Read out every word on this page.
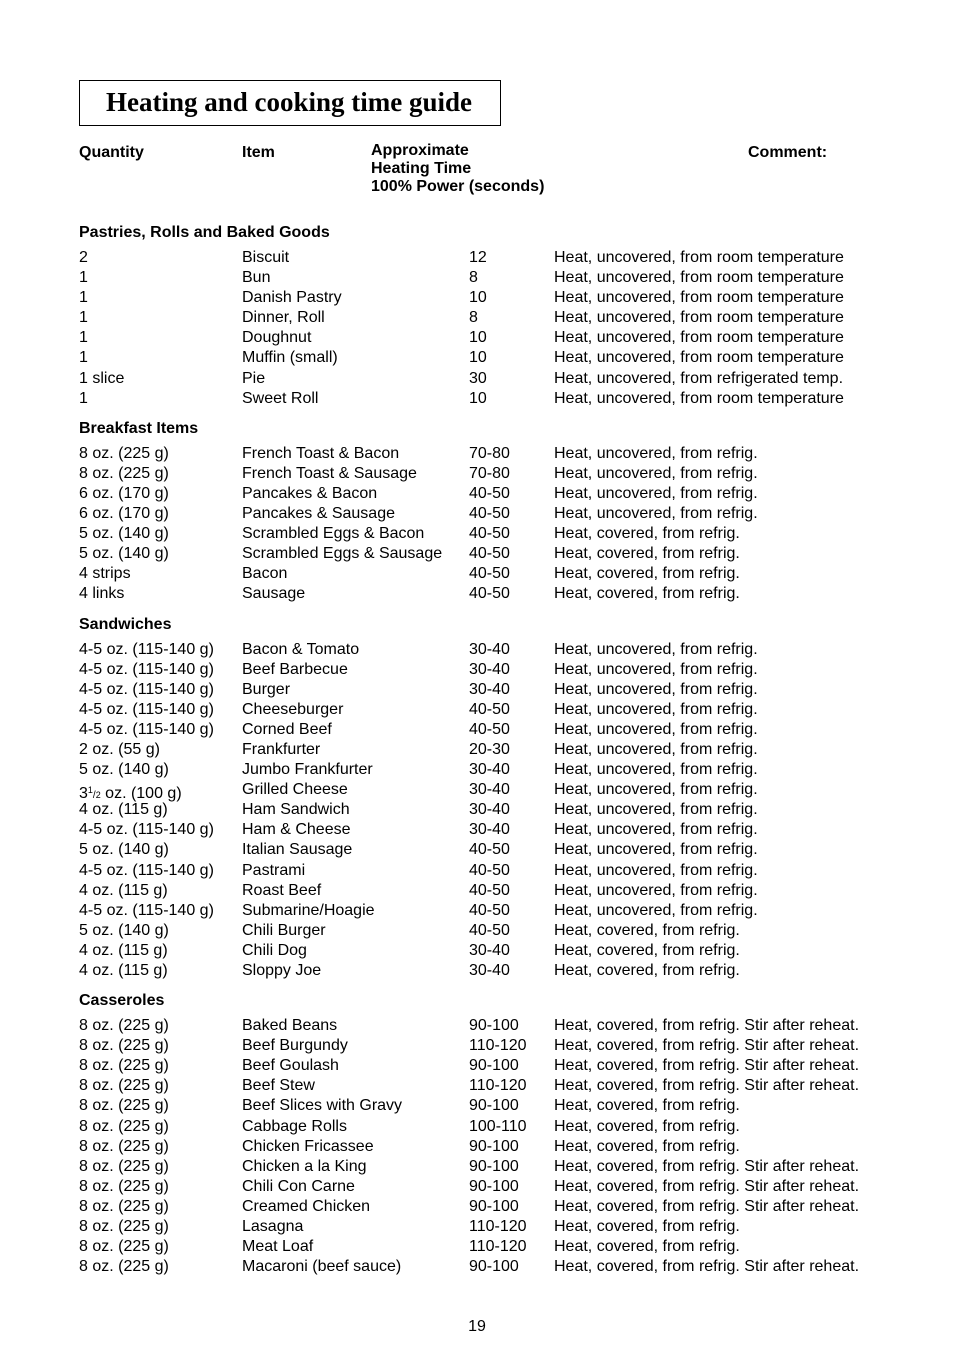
Heating and cooking time guide
Quantity	Item	Approximate
Heating Time
100% Power (seconds)
Comment:
Pastries, Rolls and Baked Goods
2	Biscuit	12	Heat, uncovered, from room temperature
1	Bun	8	Heat, uncovered, from room temperature
1	Danish Pastry	10	Heat, uncovered, from room temperature
1	Dinner, Roll	8	Heat, uncovered, from room temperature
1	Doughnut	10	Heat, uncovered, from room temperature
1	Muffin (small)	10	Heat, uncovered, from room temperature
1 slice	Pie	30	Heat, uncovered, from refrigerated temp.
1	Sweet Roll	10	Heat, uncovered, from room temperature
Breakfast Items
8 oz. (225 g)	French Toast & Bacon	70-80	Heat, uncovered, from refrig.
8 oz. (225 g)	French Toast & Sausage	70-80	Heat, uncovered, from refrig.
6 oz. (170 g)	Pancakes & Bacon	40-50	Heat, uncovered, from refrig.
6 oz. (170 g)	Pancakes & Sausage	40-50	Heat, uncovered, from refrig.
5 oz. (140 g)	Scrambled Eggs & Bacon	40-50	Heat, covered, from refrig.
5 oz. (140 g)	Scrambled Eggs & Sausage 40-50	Heat, covered, from refrig.
4 strips	Bacon	40-50	Heat, covered, from refrig.
4 links	Sausage	40-50	Heat, covered, from refrig.
Sandwiches
4-5 oz. (115-140 g) Bacon & Tomato	30-40	Heat, uncovered, from refrig.
4-5 oz. (115-140 g) Beef Barbecue	30-40	Heat, uncovered, from refrig.
4-5 oz. (115-140 g) Burger	30-40	Heat, uncovered, from refrig.
4-5 oz. (115-140 g) Cheeseburger	40-50	Heat, uncovered, from refrig.
4-5 oz. (115-140 g) Corned Beef	40-50	Heat, uncovered, from refrig.
2 oz. (55 g)	Frankfurter	20-30	Heat, uncovered, from refrig.
5 oz. (140 g)	Jumbo Frankfurter	30-40	Heat, uncovered, from refrig.
$3^1/2$ oz. (100 g)	Grilled Cheese	30-40	Heat, uncovered, from refrig.
4 oz. (115 g)	Ham Sandwich	30-40	Heat, uncovered, from refrig.
4-5 oz. (115-140 g) Ham & Cheese	30-40	Heat, uncovered, from refrig.
5 oz. (140 g)	Italian Sausage	40-50	Heat, uncovered, from refrig.
4-5 oz. (115-140 g) Pastrami	40-50	Heat, uncovered, from refrig.
4 oz. (115 g)	Roast Beef	40-50	Heat, uncovered, from refrig.
4-5 oz. (115-140 g) Submarine/Hoagie	40-50	Heat, uncovered, from refrig.
5 oz. (140 g)	Chili Burger	40-50	Heat, covered, from refrig.
4 oz. (115 g)	Chili Dog	30-40	Heat, covered, from refrig.
4 oz. (115 g)	Sloppy Joe	30-40	Heat, covered, from refrig.
Casseroles
8 oz. (225 g)	Baked Beans	90-100 Heat, covered, from refrig. Stir after reheat.
8 oz. (225 g)	Beef Burgundy	110-120 Heat, covered, from refrig. Stir after reheat.
8 oz. (225 g)	Beef Goulash	90-100 Heat, covered, from refrig. Stir after reheat.
8 oz. (225 g)	Beef Stew	110-120 Heat, covered, from refrig. Stir after reheat.
8 oz. (225 g)	Beef Slices with Gravy	90-100 Heat, covered, from refrig.
8 oz. (225 g)	Cabbage Rolls	100-110 Heat, covered, from refrig.
8 oz. (225 g)	Chicken Fricassee	90-100 Heat, covered, from refrig.
8 oz. (225 g)	Chicken a la King	90-100 Heat, covered, from refrig. Stir after reheat.
8 oz. (225 g)	Chili Con Carne	90-100 Heat, covered, from refrig. Stir after reheat.
8 oz. (225 g)	Creamed Chicken	90-100 Heat, covered, from refrig. Stir after reheat.
8 oz. (225 g)	Lasagna	110-120 Heat, covered, from refrig.
8 oz. (225 g)	Meat Loaf	110-120 Heat, covered, from refrig.
8 oz. (225 g)	Macaroni (beef sauce)	90-100 Heat, covered, from refrig. Stir after reheat.
19
